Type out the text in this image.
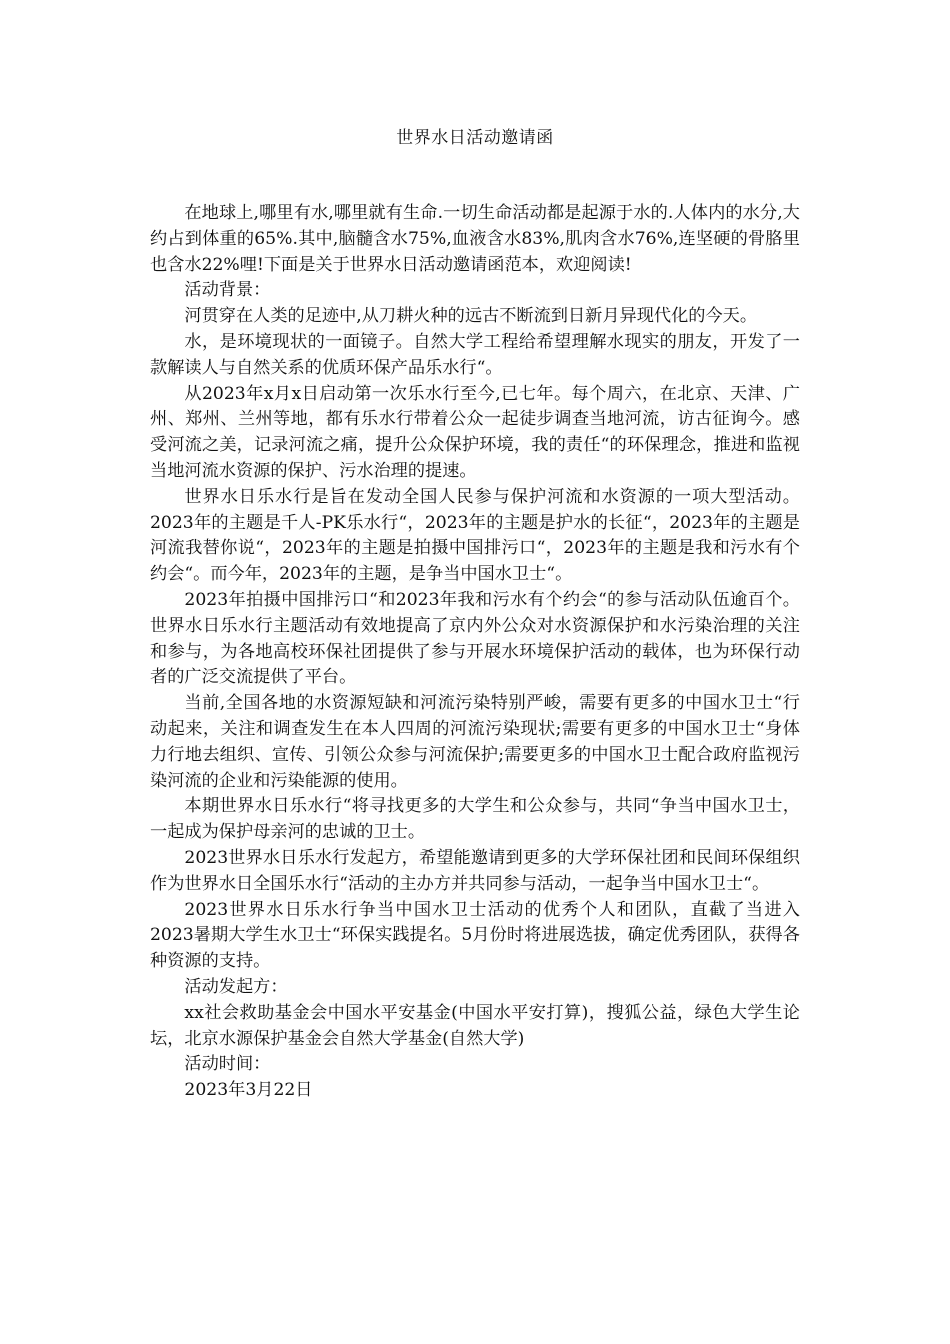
世界水日活动邀请函

在地球上,哪里有水,哪里就有生命.一切生命活动都是起源于水的.人体内的水分,大约占到体重的65%.其中,脑髓含水75%,血液含水83%,肌肉含水76%,连坚硬的骨胳里也含水22%哩!下面是关于世界水日活动邀请函范本，欢迎阅读!

活动背景：

河贯穿在人类的足迹中,从刀耕火种的远古不断流到日新月异现代化的今天。

水，是环境现状的一面镜子。自然大学工程给希望理解水现实的朋友，开发了一款解读人与自然关系的优质环保产品乐水行“。

从2023年x月x日启动第一次乐水行至今,已七年。每个周六，在北京、天津、广州、郑州、兰州等地，都有乐水行带着公众一起徒步调查当地河流，访古征询今。感受河流之美，记录河流之痛，提升公众保护环境，我的责任“的环保理念，推进和监视当地河流水资源的保护、污水治理的提速。

世界水日乐水行是旨在发动全国人民参与保护河流和水资源的一项大型活动。2023年的主题是千人-PK乐水行“，2023年的主题是护水的长征“，2023年的主题是河流我替你说“，2023年的主题是拍摄中国排污口“，2023年的主题是我和污水有个约会“。而今年，2023年的主题，是争当中国水卫士“。

2023年拍摄中国排污口“和2023年我和污水有个约会“的参与活动队伍逾百个。 世界水日乐水行主题活动有效地提高了京内外公众对水资源保护和水污染治理的关注和参与，为各地高校环保社团提供了参与开展水环境保护活动的载体，也为环保行动者的广泛交流提供了平台。

当前,全国各地的水资源短缺和河流污染特别严峻，需要有更多的中国水卫士“行动起来，关注和调查发生在本人四周的河流污染现状;需要有更多的中国水卫士“身体力行地去组织、宣传、引领公众参与河流保护;需要更多的中国水卫士配合政府监视污染河流的企业和污染能源的使用。

本期世界水日乐水行“将寻找更多的大学生和公众参与，共同“争当中国水卫士，一起成为保护母亲河的忠诚的卫士。

2023世界水日乐水行发起方，希望能邀请到更多的大学环保社团和民间环保组织作为世界水日全国乐水行“活动的主办方并共同参与活动，一起争当中国水卫士“。

2023世界水日乐水行争当中国水卫士活动的优秀个人和团队，直截了当进入2023暑期大学生水卫士“环保实践提名。5月份时将进展选拔，确定优秀团队，获得各种资源的支持。

活动发起方：

xx社会救助基金会中国水平安基金(中国水平安打算)，搜狐公益，绿色大学生论坛，北京水源保护基金会自然大学基金(自然大学)

活动时间：

2023年3月22日
